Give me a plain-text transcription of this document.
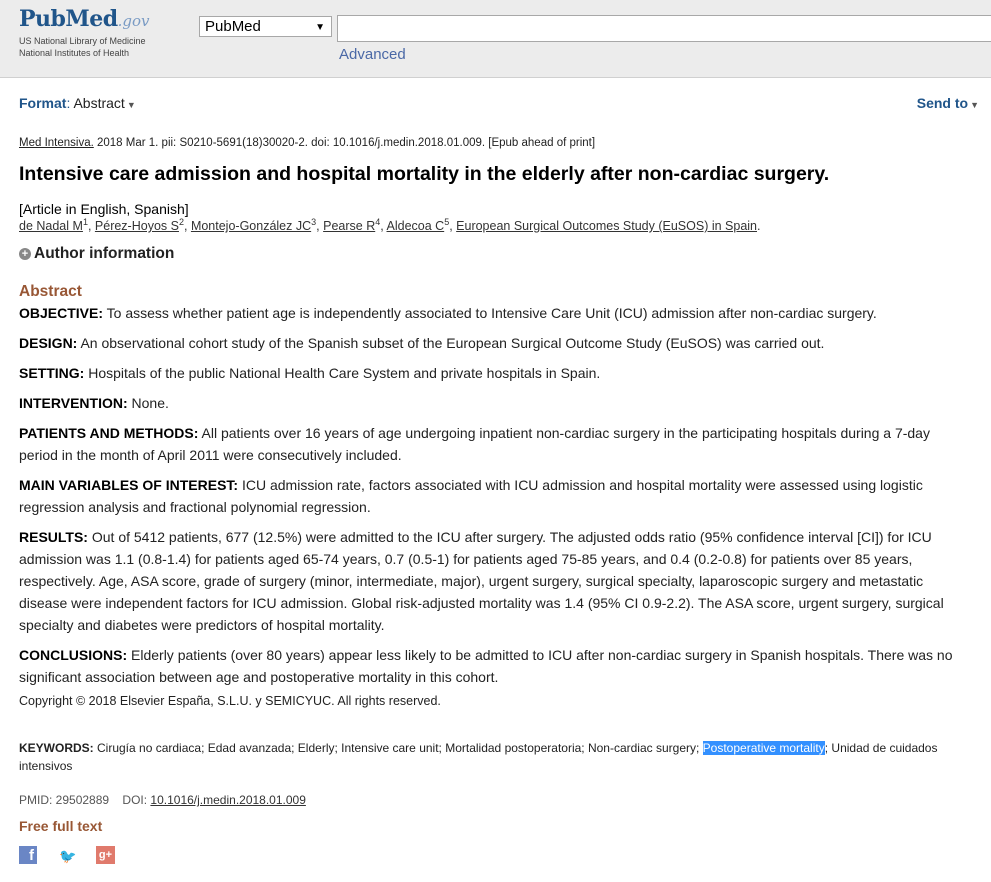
PubMed.gov
US National Library of Medicine
National Institutes of Health
PubMed	▼
Advanced
Format: Abstract ▼	Send to ▼
Med Intensiva. 2018 Mar 1. pii: S0210-5691(18)30020-2. doi: 10.1016/j.medin.2018.01.009. [Epub ahead of print]
Intensive care admission and hospital mortality in the elderly after non-cardiac surgery.
[Article in English, Spanish]
de Nadal $M^1$, Pérez-Hoyos $S^2$, Montejo-González $JC^3$, Pearse $R^4$, Aldecoa $C^5$, European Surgical Outcomes Study (EuSOS) in Spain.
+ Author information
Abstract

OBJECTIVE: To assess whether patient age is independently associated to Intensive Care Unit (ICU) admission after non-cardiac surgery.

DESIGN: An observational cohort study of the Spanish subset of the European Surgical Outcome Study (EuSOS) was carried out.

SETTING: Hospitals of the public National Health Care System and private hospitals in Spain.

INTERVENTION: None.

PATIENTS AND METHODS: All patients over 16 years of age undergoing inpatient non-cardiac surgery in the participating hospitals during a 7-day period in the month of April 2011 were consecutively included.

MAIN VARIABLES OF INTEREST: ICU admission rate, factors associated with ICU admission and hospital mortality were assessed using logistic regression analysis and fractional polynomial regression.

RESULTS: Out of 5412 patients, 677 (12.5%) were admitted to the ICU after surgery. The adjusted odds ratio (95% confidence interval [CI]) for ICU admission was 1.1 (0.8-1.4) for patients aged 65-74 years, 0.7 (0.5-1) for patients aged 75-85 years, and 0.4 (0.2-0.8) for patients over 85 years, respectively. Age, ASA score, grade of surgery (minor, intermediate, major), urgent surgery, surgical specialty, laparoscopic surgery and metastatic disease were independent factors for ICU admission. Global risk-adjusted mortality was 1.4 (95% CI 0.9-2.2). The ASA score, urgent surgery, surgical specialty and diabetes were predictors of hospital mortality.

CONCLUSIONS: Elderly patients (over 80 years) appear less likely to be admitted to ICU after non-cardiac surgery in Spanish hospitals. There was no significant association between age and postoperative mortality in this cohort.

Copyright © 2018 Elsevier España, S.L.U. y SEMICYUC. All rights reserved.
KEYWORDS: Cirugía no cardiaca; Edad avanzada; Elderly; Intensive care unit; Mortalidad postoperatoria; Non-cardiac surgery; Postoperative mortality; Unidad de cuidados intensivos
PMID: 29502889 DOI: 10.1016/j.medin.2018.01.009
Free full text
f 🐦 g+
